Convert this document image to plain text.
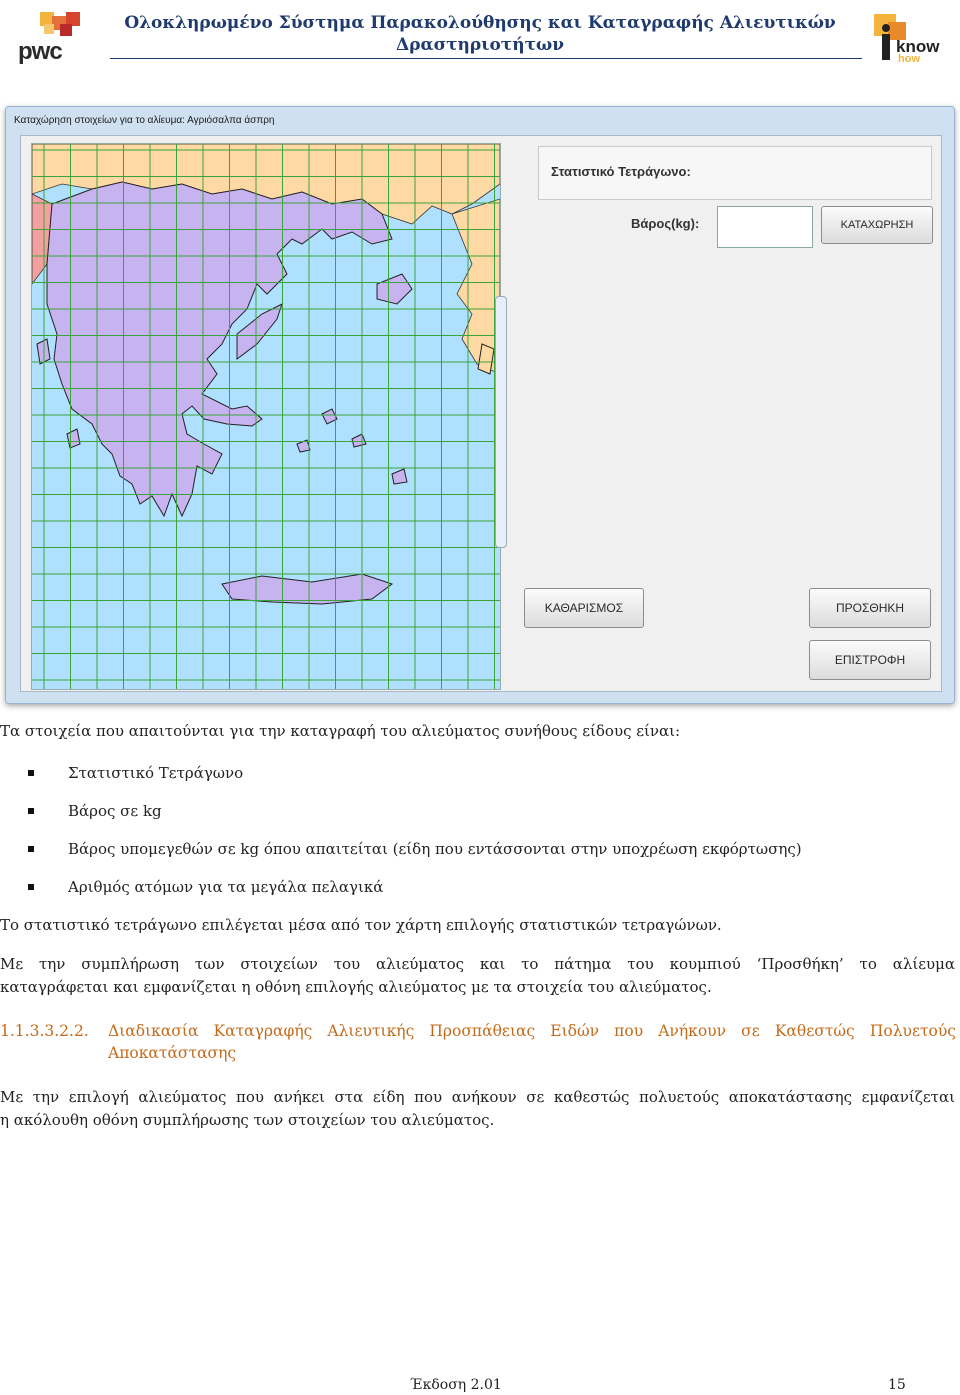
pwc
Ολοκληρωμένο Σύστημα Παρακολούθησης και Καταγραφής Αλιευτικών
Δραστηριοτήτων	know
how
Καταχώρηση στοιχείων για το αλίευμα: Αγριόσαλπα άσπρη
Στατιστικό Τετράγωνο:
Βάρος(kg):	ΚΑΤΑΧΩΡΗΣΗ
ΚΑΘΑΡΙΣΜΟΣ	ΠΡΟΣΘΗΚΗ
ΕΠΙΣΤΡΟΦΗ
Τα στοιχεία που απαιτούνται για την καταγραφή του αλιεύματος συνήθους είδους είναι:
Στατιστικό Τετράγωνο
Βάρος σε kg
Βάρος υπομεγεθών σε kg όπου απαιτείται (είδη που εντάσσονται στην υποχρέωση εκφόρτωσης)
Αριθμός ατόμων για τα μεγάλα πελαγικά
Το στατιστικό τετράγωνο επιλέγεται μέσα από τον χάρτη επιλογής στατιστικών τετραγώνων.
Με την συμπλήρωση των στοιχείων του αλιεύματος και το πάτημα του κουμπιού ‘Προσθήκη’ το αλίευμα
καταγράφεται και εμφανίζεται η οθόνη επιλογής αλιεύματος με τα στοιχεία του αλιεύματος.
1.1.3.3.2.2. Διαδικασία Καταγραφής Αλιευτικής Προσπάθειας Ειδών που Ανήκουν σε Καθεστώς Πολυετούς
Αποκατάστασης
Με την επιλογή αλιεύματος που ανήκει στα είδη που ανήκουν σε καθεστώς πολυετούς αποκατάστασης εμφανίζεται
η ακόλουθη οθόνη συμπλήρωσης των στοιχείων του αλιεύματος.
Έκδοση 2.01	15
